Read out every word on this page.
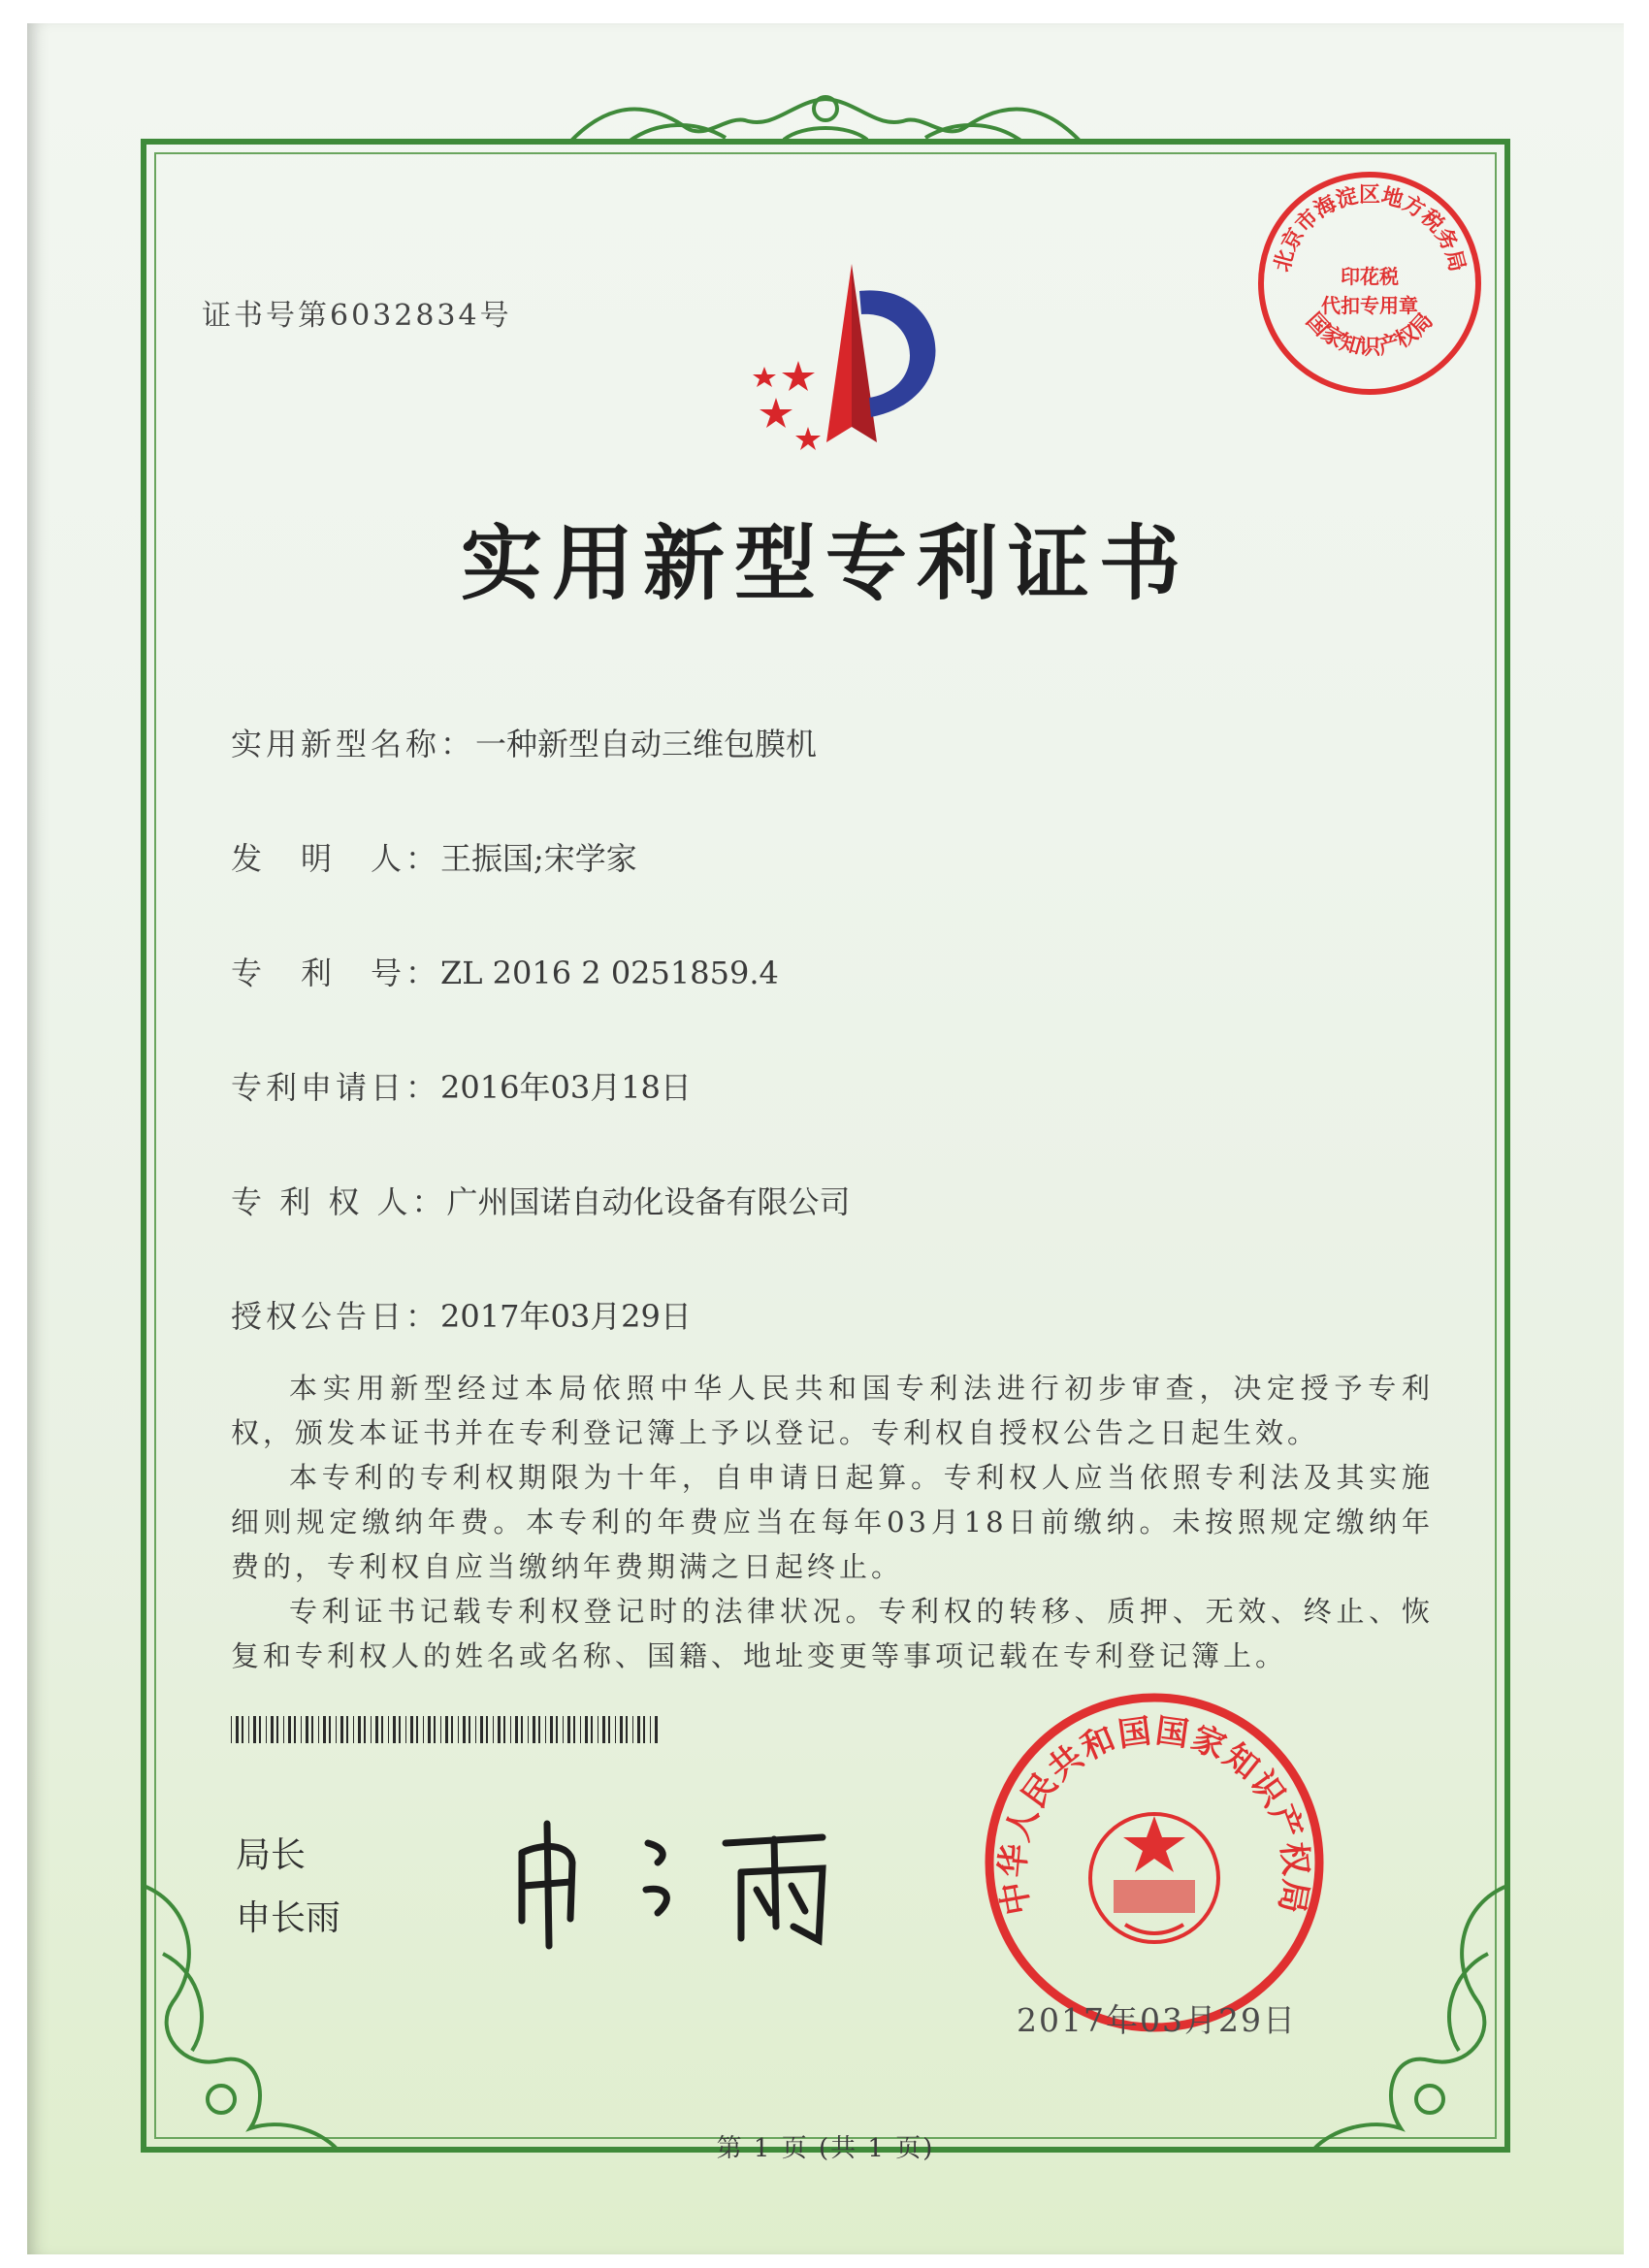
北京市海淀区地方税务局
印花税
代扣专用章
国家知识产权局
证书号第6032834号
实用新型专利证书
实用新型名称：一种新型自动三维包膜机
发　明　人：王振国;宋学家
专　利　号：ZL 2016 2 0251859.4
专利申请日：2016年03月18日
专 利 权 人：广州国诺自动化设备有限公司
授权公告日：2017年03月29日

本实用新型经过本局依照中华人民共和国专利法进行初步审查，决定授予专利权，颁发本证书并在专利登记簿上予以登记。专利权自授权公告之日起生效。

本专利的专利权期限为十年，自申请日起算。专利权人应当依照专利法及其实施细则规定缴纳年费。本专利的年费应当在每年03月18日前缴纳。未按照规定缴纳年费的，专利权自应当缴纳年费期满之日起终止。

专利证书记载专利权登记时的法律状况。专利权的转移、质押、无效、终止、恢复和专利权人的姓名或名称、国籍、地址变更等事项记载在专利登记簿上。

局长
申长雨
中华人民共和国国家知识产权局
2017年03月29日
第 1 页 (共 1 页)
